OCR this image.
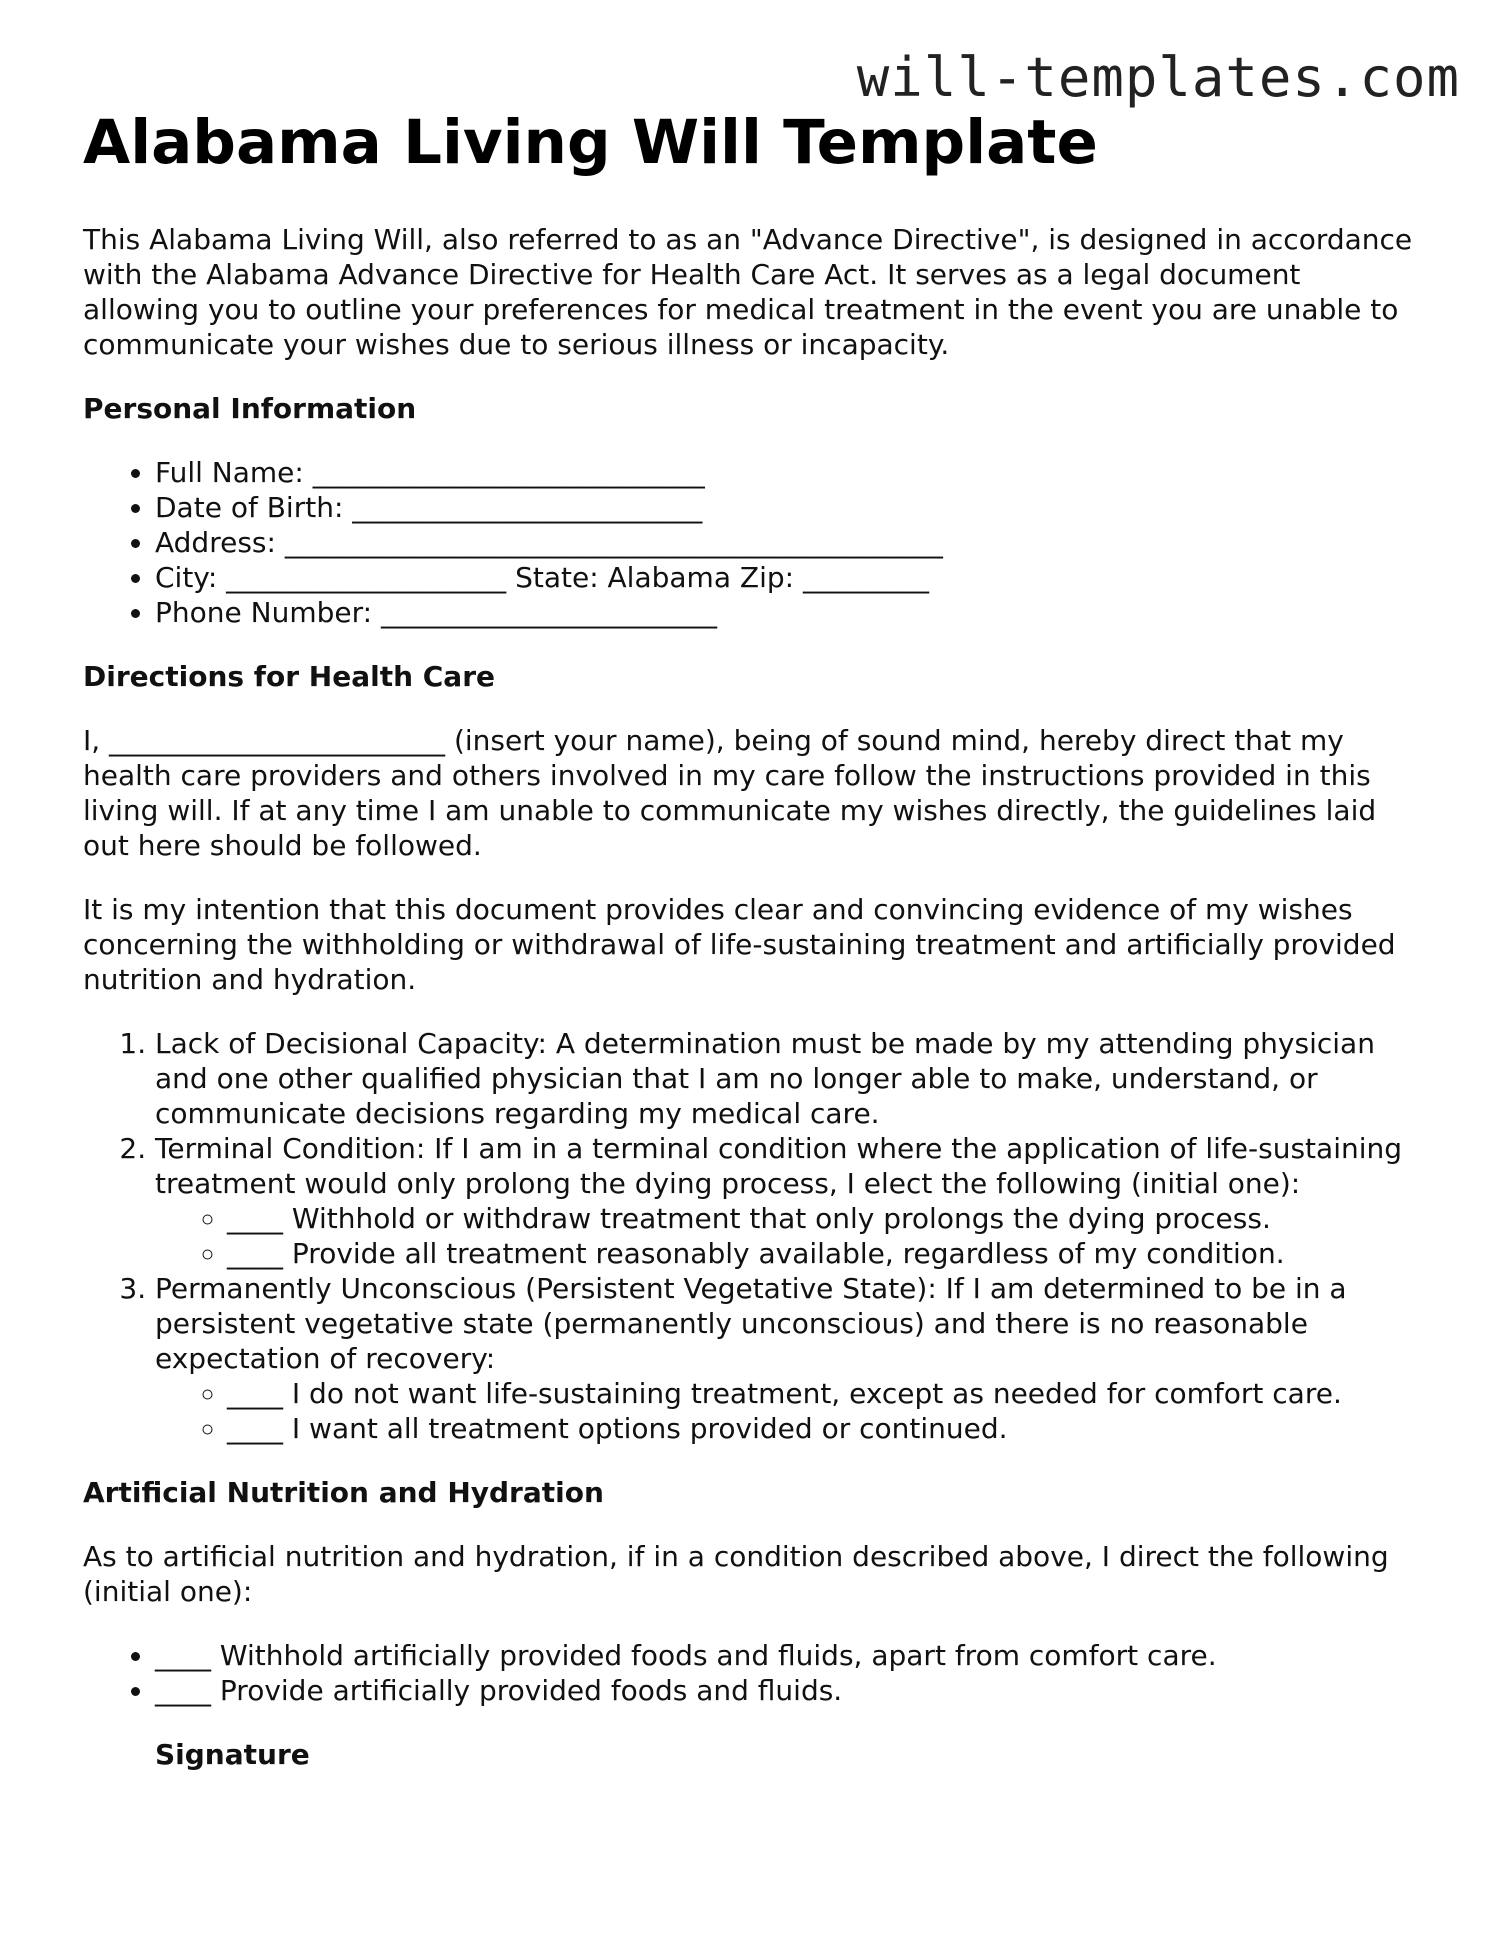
will-templates.com
Alabama Living Will Template

This Alabama Living Will, also referred to as an "Advance Directive", is designed in accordance with the Alabama Advance Directive for Health Care Act. It serves as a legal document allowing you to outline your preferences for medical treatment in the event you are unable to communicate your wishes due to serious illness or incapacity.

Personal Information
• Full Name: ____________________________
• Date of Birth: _________________________
• Address: _______________________________________________
• City: ____________________ State: Alabama Zip: _________
• Phone Number: ________________________
Directions for Health Care

I, ________________________ (insert your name), being of sound mind, hereby direct that my health care providers and others involved in my care follow the instructions provided in this living will. If at any time I am unable to communicate my wishes directly, the guidelines laid out here should be followed.

It is my intention that this document provides clear and convincing evidence of my wishes concerning the withholding or withdrawal of life-sustaining treatment and artificially provided nutrition and hydration.

1. Lack of Decisional Capacity: A determination must be made by my attending physician and one other qualified physician that I am no longer able to make, understand, or communicate decisions regarding my medical care.
2. Terminal Condition: If I am in a terminal condition where the application of life-sustaining treatment would only prolong the dying process, I elect the following (initial one):
◦ ____ Withhold or withdraw treatment that only prolongs the dying process.
◦ ____ Provide all treatment reasonably available, regardless of my condition.
3. Permanently Unconscious (Persistent Vegetative State): If I am determined to be in a persistent vegetative state (permanently unconscious) and there is no reasonable expectation of recovery:
◦ ____ I do not want life-sustaining treatment, except as needed for comfort care.
◦ ____ I want all treatment options provided or continued.
Artificial Nutrition and Hydration

As to artificial nutrition and hydration, if in a condition described above, I direct the following (initial one):

• ____ Withhold artificially provided foods and fluids, apart from comfort care.
• ____ Provide artificially provided foods and fluids.
Signature
